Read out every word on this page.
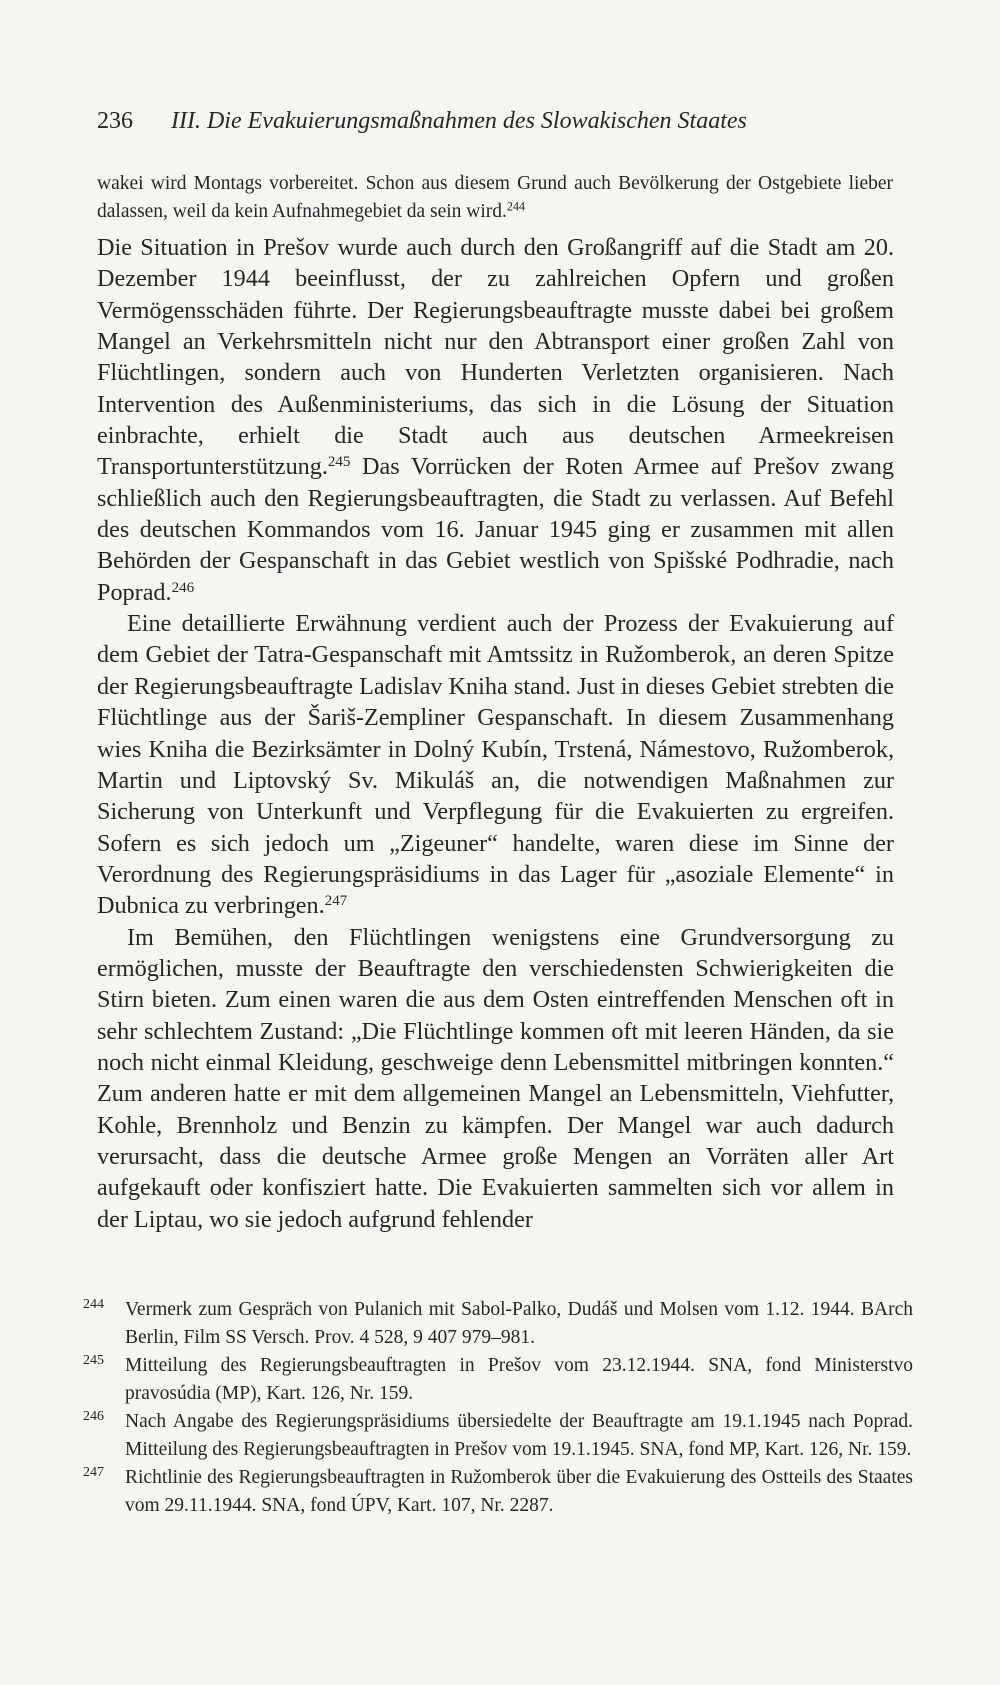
236 III. Die Evakuierungsmaßnahmen des Slowakischen Staates

wakei wird Montags vorbereitet. Schon aus diesem Grund auch Bevölkerung der Ostgebiete lieber dalassen, weil da kein Aufnahmegebiet da sein wird.$^{244}$

Die Situation in Prešov wurde auch durch den Großangriff auf die Stadt am 20. Dezember 1944 beeinflusst, der zu zahlreichen Opfern und großen Vermögensschäden führte. Der Regierungsbeauftragte musste dabei bei großem Mangel an Verkehrsmitteln nicht nur den Abtransport einer großen Zahl von Flüchtlingen, sondern auch von Hunderten Verletzten organisieren. Nach Intervention des Außenministeriums, das sich in die Lösung der Situation einbrachte, erhielt die Stadt auch aus deutschen Armeekreisen Transportunterstützung.$^{245}$ Das Vorrücken der Roten Armee auf Prešov zwang schließlich auch den Regierungsbeauftragten, die Stadt zu verlassen. Auf Befehl des deutschen Kommandos vom 16. Januar 1945 ging er zusammen mit allen Behörden der Gespanschaft in das Gebiet westlich von Spišské Podhradie, nach Poprad.$^{246}$

Eine detaillierte Erwähnung verdient auch der Prozess der Evakuierung auf dem Gebiet der Tatra-Gespanschaft mit Amtssitz in Ružomberok, an deren Spitze der Regierungsbeauftragte Ladislav Kniha stand. Just in dieses Gebiet strebten die Flüchtlinge aus der Šariš-Zempliner Gespanschaft. In diesem Zusammenhang wies Kniha die Bezirksämter in Dolný Kubín, Trstená, Námestovo, Ružomberok, Martin und Liptovský Sv. Mikuláš an, die notwendigen Maßnahmen zur Sicherung von Unterkunft und Verpflegung für die Evakuierten zu ergreifen. Sofern es sich jedoch um „Zigeuner“ handelte, waren diese im Sinne der Verordnung des Regierungspräsidiums in das Lager für „asoziale Elemente“ in Dubnica zu verbringen.$^{247}$

Im Bemühen, den Flüchtlingen wenigstens eine Grundversorgung zu ermöglichen, musste der Beauftragte den verschiedensten Schwierigkeiten die Stirn bieten. Zum einen waren die aus dem Osten eintreffenden Menschen oft in sehr schlechtem Zustand: „Die Flüchtlinge kommen oft mit leeren Händen, da sie noch nicht einmal Kleidung, geschweige denn Lebensmittel mitbringen konnten.“ Zum anderen hatte er mit dem allgemeinen Mangel an Lebensmitteln, Viehfutter, Kohle, Brennholz und Benzin zu kämpfen. Der Mangel war auch dadurch verursacht, dass die deutsche Armee große Mengen an Vorräten aller Art aufgekauft oder konfisziert hatte. Die Evakuierten sammelten sich vor allem in der Liptau, wo sie jedoch aufgrund fehlender

244 Vermerk zum Gespräch von Pulanich mit Sabol-Palko, Dudáš und Molsen vom 1.12. 1944. BArch Berlin, Film SS Versch. Prov. 4 528, 9 407 979–981.
245 Mitteilung des Regierungsbeauftragten in Prešov vom 23.12.1944. SNA, fond Ministerstvo pravosúdia (MP), Kart. 126, Nr. 159.
246 Nach Angabe des Regierungspräsidiums übersiedelte der Beauftragte am 19.1.1945 nach Poprad. Mitteilung des Regierungsbeauftragten in Prešov vom 19.1.1945. SNA, fond MP, Kart. 126, Nr. 159.
247 Richtlinie des Regierungsbeauftragten in Ružomberok über die Evakuierung des Ostteils des Staates vom 29.11.1944. SNA, fond ÚPV, Kart. 107, Nr. 2287.
